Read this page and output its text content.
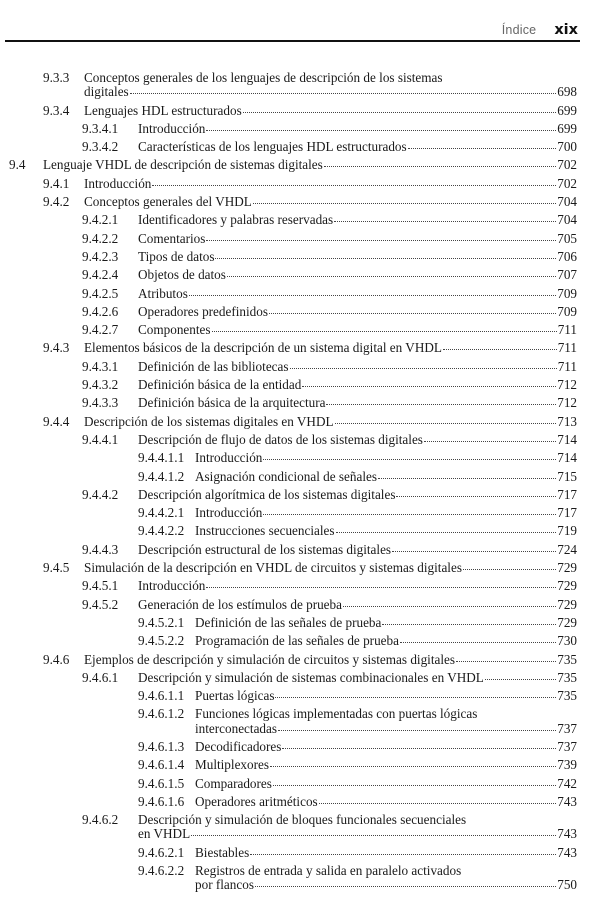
Índice xix
9.3.3 Conceptos generales de los lenguajes de descripción de los sistemas
digitales	698
9.3.4 Lenguajes HDL estructurados	699
9.3.4.1 Introducción	699
9.3.4.2 Características de los lenguajes HDL estructurados	700
9.4 Lenguaje VHDL de descripción de sistemas digitales	702
9.4.1 Introducción	702
9.4.2 Conceptos generales del VHDL	704
9.4.2.1 Identificadores y palabras reservadas	704
9.4.2.2 Comentarios	705
9.4.2.3 Tipos de datos	706
9.4.2.4 Objetos de datos	707
9.4.2.5 Atributos	709
9.4.2.6 Operadores predefinidos	709
9.4.2.7 Componentes	711
9.4.3 Elementos básicos de la descripción de un sistema digital en VHDL	711
9.4.3.1 Definición de las bibliotecas	711
9.4.3.2 Definición básica de la entidad	712
9.4.3.3 Definición básica de la arquitectura	712
9.4.4 Descripción de los sistemas digitales en VHDL	713
9.4.4.1 Descripción de flujo de datos de los sistemas digitales	714
9.4.4.1.1 Introducción	714
9.4.4.1.2 Asignación condicional de señales	715
9.4.4.2 Descripción algorítmica de los sistemas digitales	717
9.4.4.2.1 Introducción	717
9.4.4.2.2 Instrucciones secuenciales	719
9.4.4.3 Descripción estructural de los sistemas digitales	724
9.4.5 Simulación de la descripción en VHDL de circuitos y sistemas digitales	729
9.4.5.1 Introducción	729
9.4.5.2 Generación de los estímulos de prueba	729
9.4.5.2.1 Definición de las señales de prueba	729
9.4.5.2.2 Programación de las señales de prueba	730
9.4.6 Ejemplos de descripción y simulación de circuitos y sistemas digitales	735
9.4.6.1 Descripción y simulación de sistemas combinacionales en VHDL	735
9.4.6.1.1 Puertas lógicas	735
9.4.6.1.2 Funciones lógicas implementadas con puertas lógicas
interconectadas	737
9.4.6.1.3 Decodificadores	737
9.4.6.1.4 Multiplexores	739
9.4.6.1.5 Comparadores	742
9.4.6.1.6 Operadores aritméticos	743
9.4.6.2 Descripción y simulación de bloques funcionales secuenciales
en VHDL	743
9.4.6.2.1 Biestables	743
9.4.6.2.2 Registros de entrada y salida en paralelo activados
por flancos	750
